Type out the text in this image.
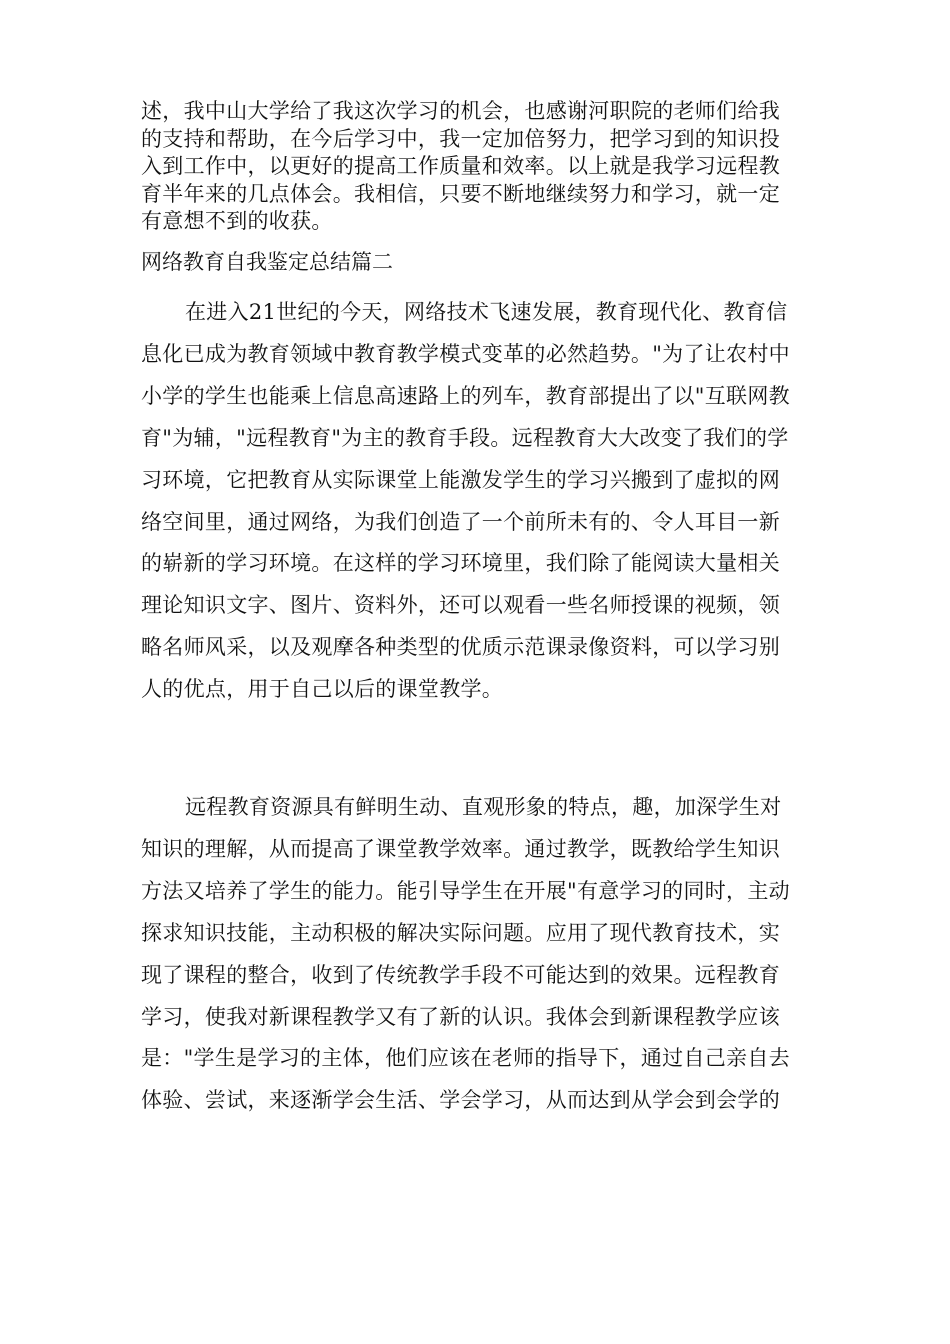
述，我中山大学给了我这次学习的机会，也感谢河职院的老师们给我
的支持和帮助，在今后学习中，我一定加倍努力，把学习到的知识投
入到工作中，以更好的提高工作质量和效率。以上就是我学习远程教
育半年来的几点体会。我相信，只要不断地继续努力和学习，就一定
有意想不到的收获。
网络教育自我鉴定总结篇二
在进入21世纪的今天，网络技术飞速发展，教育现代化、教育信
息化已成为教育领域中教育教学模式变革的必然趋势。"为了让农村中
小学的学生也能乘上信息高速路上的列车，教育部提出了以"互联网教
育"为辅，"远程教育"为主的教育手段。远程教育大大改变了我们的学
习环境，它把教育从实际课堂上能激发学生的学习兴搬到了虚拟的网
络空间里，通过网络，为我们创造了一个前所未有的、令人耳目一新
的崭新的学习环境。在这样的学习环境里，我们除了能阅读大量相关
理论知识文字、图片、资料外，还可以观看一些名师授课的视频，领
略名师风采，以及观摩各种类型的优质示范课录像资料，可以学习别
人的优点，用于自己以后的课堂教学。
远程教育资源具有鲜明生动、直观形象的特点，趣，加深学生对
知识的理解，从而提高了课堂教学效率。通过教学，既教给学生知识
方法又培养了学生的能力。能引导学生在开展"有意学习的同时，主动
探求知识技能，主动积极的解决实际问题。应用了现代教育技术，实
现了课程的整合，收到了传统教学手段不可能达到的效果。远程教育
学习，使我对新课程教学又有了新的认识。我体会到新课程教学应该
是："学生是学习的主体，他们应该在老师的指导下，通过自己亲自去
体验、尝试，来逐渐学会生活、学会学习，从而达到从学会到会学的
